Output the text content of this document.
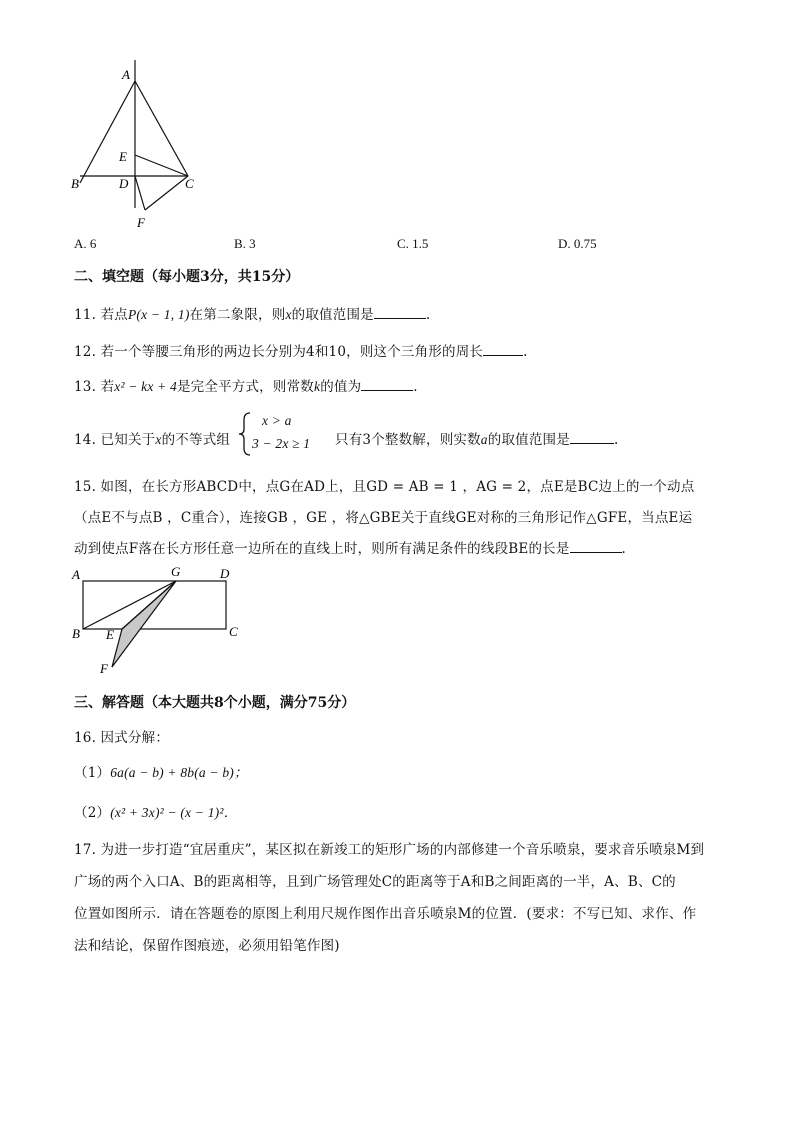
A
E
B	D	C
F
A. 6	B. 3	C. 1.5	D. 0.75
二、填空题（每小题3分，共15分）
11. 若点P(x − 1, 1)在第二象限，则x的取值范围是	.
12. 若一个等腰三角形的两边长分别为4和10，则这个三角形的周长	.
13. 若x² − kx + 4是完全平方式，则常数k的值为	.
14. 已知关于x的不等式组
x > a
3 − 2x ≥ 1 只有3个整数解，则实数a的取值范围是	.
15. 如图，在长方形ABCD中，点G在AD上，且GD = AB = 1 ，AG = 2，点E是BC边上的一个动点
（点E不与点B ，C重合），连接GB ，GE ，将△GBE关于直线GE对称的三角形记作△GFE，当点E运
动到使点F落在长方形任意一边所在的直线上时，则所有满足条件的线段BE的长是	.
A	G	D
B E	C
F
三、解答题（本大题共8个小题，满分75分）
16. 因式分解：
（1）6a(a − b) + 8b(a − b)；
（2）(x² + 3x)² − (x − 1)²．
17. 为进一步打造“宜居重庆”，某区拟在新竣工的矩形广场的内部修建一个音乐喷泉，要求音乐喷泉M到
广场的两个入口A、B的距离相等，且到广场管理处C的距离等于A和B之间距离的一半，A、B、C的
位置如图所示．请在答题卷的原图上利用尺规作图作出音乐喷泉M的位置．(要求：不写已知、求作、作
法和结论，保留作图痕迹，必须用铅笔作图)
